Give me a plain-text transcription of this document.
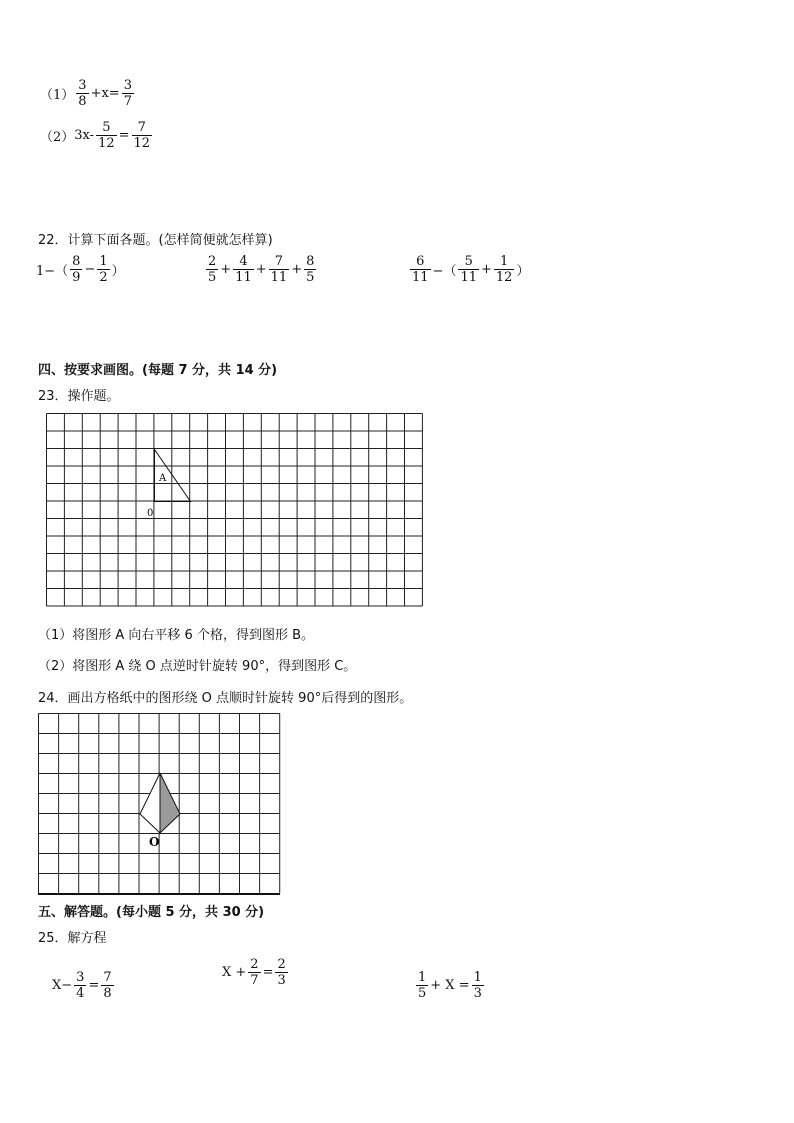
$(1) \frac{3}{8} +x= \frac{3}{7}$
$(2)3x- \frac{5}{12} = \frac{7}{12}$
22．计算下面各题。(怎样简便就怎样算)
$1-( \frac{8}{9} - \frac{1}{2}$ ）	$\frac{2}{5} + \frac{4}{11} + \frac{7}{11} + \frac{8}{5}$	$\frac{6}{11}$ −（ $\frac{5}{11} + \frac{1}{12}$ ）
四、按要求画图。(每题 7 分，共 14 分)
23．操作题。
A
0
（1）将图形 A 向右平移 6 个格，得到图形 B。
（2）将图形 A 绕 O 点逆时针旋转 90°，得到图形 C。
24．画出方格纸中的图形绕 O 点顺时针旋转 90°后得到的图形。
O
五、解答题。(每小题 5 分，共 30 分)
25．解方程
$X- \frac{3}{4} = \frac{7}{8}$	$X + \frac{2}{7} = \frac{2}{3}$	$\frac{1}{5} + X = \frac{1}{3}$
